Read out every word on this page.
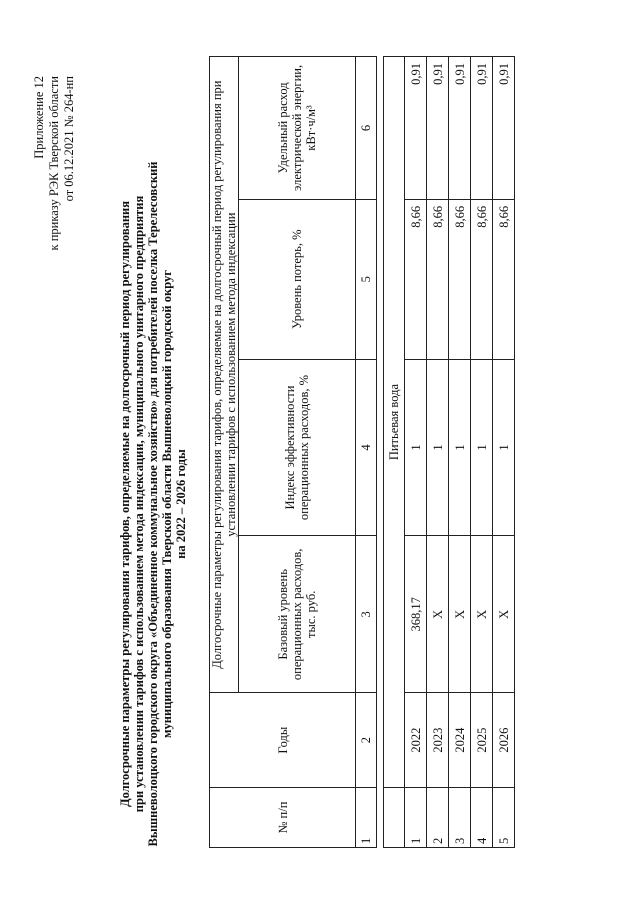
Приложение 12 к приказу РЭК Тверской области от 06.12.2021 № 264-нп
Долгосрочные параметры регулирования тарифов, определяемые на долгосрочный период регулирования при установлении тарифов с использованием метода индексации, муниципального унитарного предприятия Вышневолоцкого городского округа «Объединенное коммунальное хозяйство» для потребителей поселка Терелесовский муниципального образования Тверской области Вышневолоцкий городской округ на 2022 – 2026 годы
№ п/п	Годы	Долгосрочные параметры регулирования тарифов, определяемые на долгосрочный период регулирования при установлении тарифов с использованием метода индексации			
		Базовый уровень операционных расходов, тыс. руб.	Индекс эффективности операционных расходов, %	Уровень потерь, %	Удельный расход электрической энергии, кВт·ч/м³
1	2	3	4	5	6

	Питьевая вода				
1	2022	368,17	1	8,66	0,91
2	2023	X	1	8,66	0,91
3	2024	X	1	8,66	0,91
4	2025	X	1	8,66	0,91
5	2026	X	1	8,66	0,91
